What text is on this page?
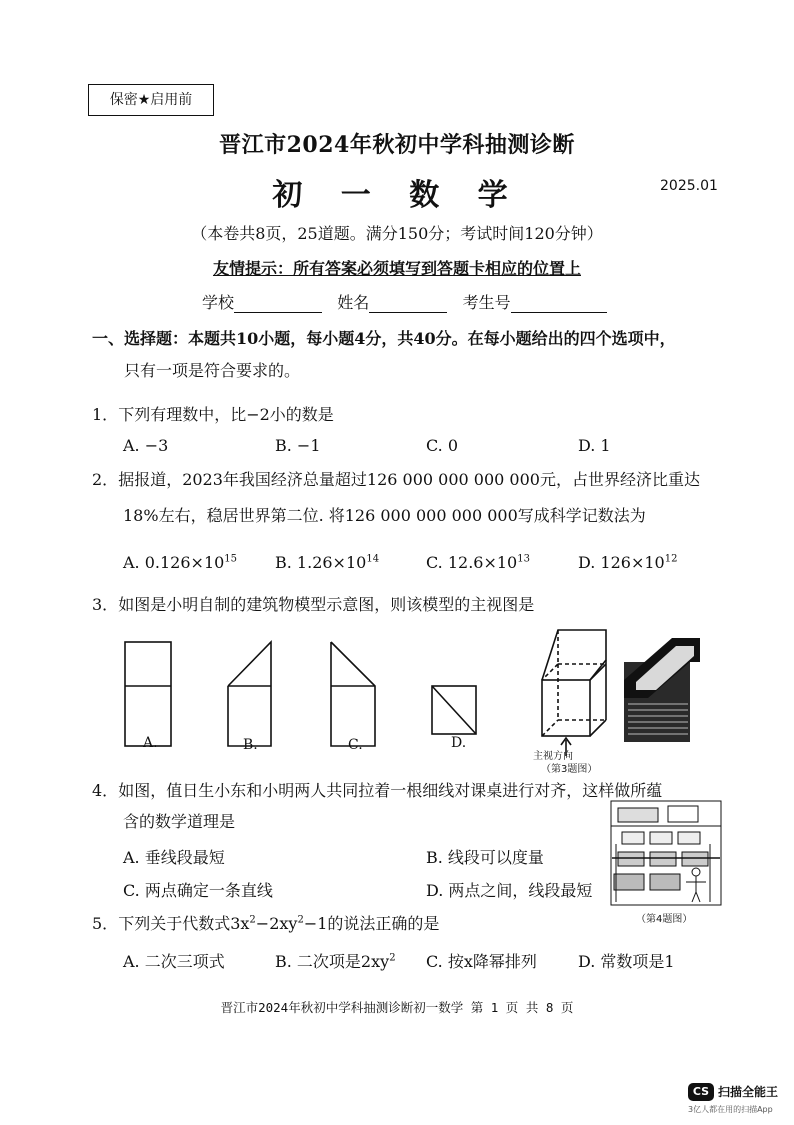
保密★启用前
晋江市2024年秋初中学科抽测诊断
初 一 数 学	2025.01
（本卷共8页，25道题。满分150分；考试时间120分钟）
友情提示：所有答案必须填写到答题卡相应的位置上
学校	姓名	考生号
一、选择题：本题共10小题，每小题4分，共40分。在每小题给出的四个选项中，
只有一项是符合要求的。
1．下列有理数中，比−2小的数是
A. −3	B. −1	C. 0	D. 1
2．据报道，2023年我国经济总量超过126 000 000 000 000元，占世界经济比重达
18%左右，稳居世界第二位. 将126 000 000 000 000写成科学记数法为
A. $0.126\times 10^{15}$ B. $1.26\times 10^{14}$	C. $12.6\times 10^{13}$	D. $126\times 10^{12}$
3．如图是小明自制的建筑物模型示意图，则该模型的主视图是
A.	B.	C.	D.
主视方向
（第3题图）
4．如图，值日生小东和小明两人共同拉着一根细线对课桌进行对齐，这样做所蕴
含的数学道理是
A. 垂线段最短	B. 线段可以度量
C. 两点确定一条直线	D. 两点之间，线段最短
（第4题图）
5．下列关于代数式$3x^2-2xy^2-1$的说法正确的是
A. 二次三项式	B. 二次项是$2xy^2$ C. 按x降幂排列	D. 常数项是1
晋江市2024年秋初中学科抽测诊断初一数学 第 1 页 共 8 页
CS 扫描全能王
3亿人都在用的扫描App
